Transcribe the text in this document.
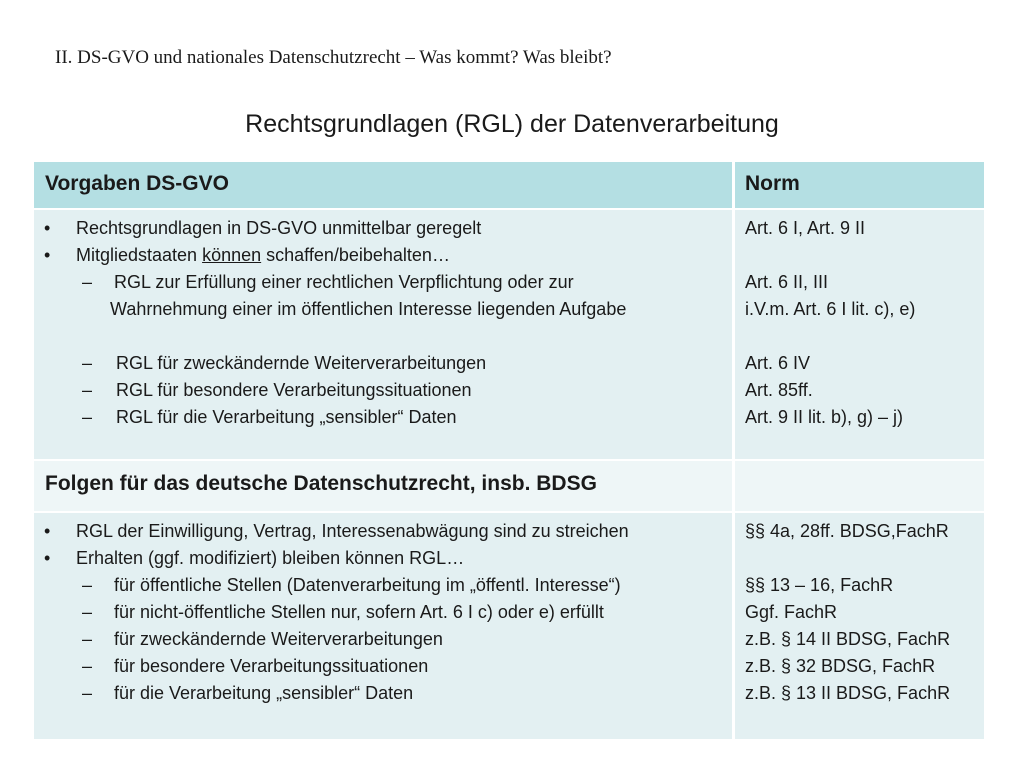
II. DS-GVO und nationales Datenschutzrecht – Was kommt? Was bleibt?
Rechtsgrundlagen (RGL) der Datenverarbeitung
Vorgaben DS-GVO	Norm
• Rechtsgrundlagen in DS-GVO unmittelbar geregelt
• Mitgliedstaaten können schaffen/beibehalten…
– RGL zur Erfüllung einer rechtlichen Verpflichtung oder zur
Wahrnehmung einer im öffentlichen Interesse liegenden Aufgabe
– RGL für zweckändernde Weiterverarbeitungen
– RGL für besondere Verarbeitungssituationen
– RGL für die Verarbeitung „sensibler“ Daten
Art. 6 I, Art. 9 II
Art. 6 II, III
i.V.m. Art. 6 I lit. c), e)
Art. 6 IV
Art. 85ff.
Art. 9 II lit. b), g) – j)
Folgen für das deutsche Datenschutzrecht, insb. BDSG
• RGL der Einwilligung, Vertrag, Interessenabwägung sind zu streichen
• Erhalten (ggf. modifiziert) bleiben können RGL…
– für öffentliche Stellen (Datenverarbeitung im „öffentl. Interesse“)
– für nicht-öffentliche Stellen nur, sofern Art. 6 I c) oder e) erfüllt
– für zweckändernde Weiterverarbeitungen
– für besondere Verarbeitungssituationen
– für die Verarbeitung „sensibler“ Daten
§§ 4a, 28ff. BDSG,FachR
§§ 13 – 16, FachR
Ggf. FachR
z.B. § 14 II BDSG, FachR
z.B. § 32 BDSG, FachR
z.B. § 13 II BDSG, FachR
